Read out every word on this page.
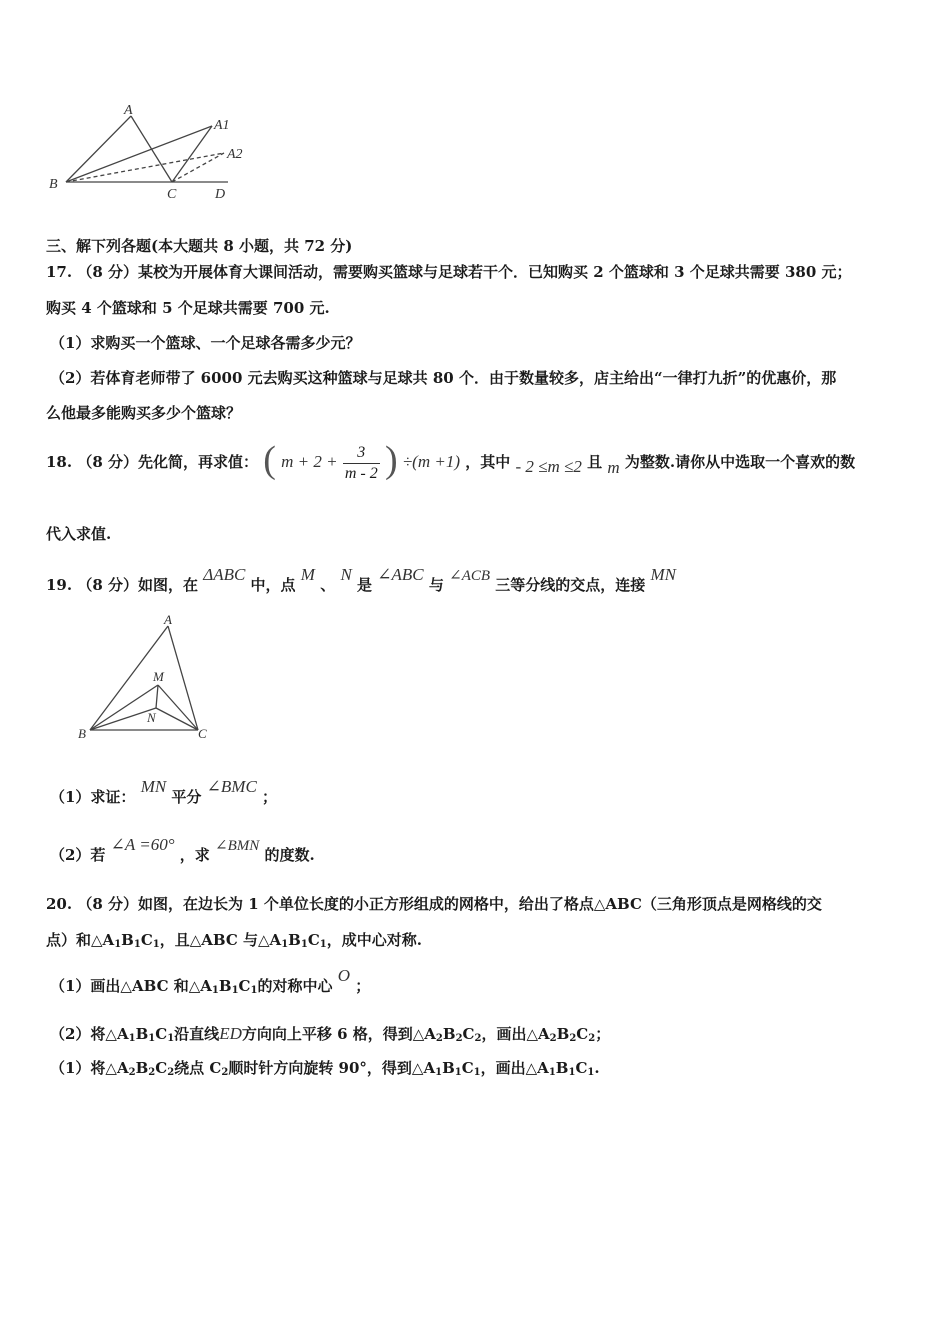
A
A1
A2
B
C	D
三、解下列各题(本大题共 8 小题，共 72 分)
17. （8 分）某校为开展体育大课间活动，需要购买篮球与足球若干个．已知购买 2 个篮球和 3 个足球共需要 380 元；
购买 4 个篮球和 5 个足球共需要 700 元.
（1）求购买一个篮球、一个足球各需多少元？
（2）若体育老师带了 6000 元去购买这种篮球与足球共 80 个．由于数量较多，店主给出“一律打九折”的优惠价，那
么他最多能购买多少个篮球？
18. （8 分）先化简，再求值： ( $m + 2 + \frac{3}{m - 2}$ ) ÷(m +1) ，其中 - 2 ≤m ≤2 且 m 为整数.请你从中选取一个喜欢的数
代入求值.
19. （8 分）如图，在 ΔABC 中，点 M 、 N 是 ∠ABC 与 ∠ACB 三等分线的交点，连接 MN
A
M
N
B	C
（1）求证： MN 平分 ∠BMC ；
（2）若 ∠A =60° ，求 ∠BMN 的度数.
20. （8 分）如图，在边长为 1 个单位长度的小正方形组成的网格中，给出了格点△ABC（三角形顶点是网格线的交
点）和$\triangle A_1B_1C_1$，且△ABC 与$\triangle A_1B_1C_1$，成中心对称.
（1）画出△ABC 和$\triangle A_1B_1C_1$的对称中心 O ；
（2）将$\triangle A_1B_1C_1$沿直线ED方向向上平移 6 格，得到$\triangle A_2B_2C_2$，画出$\triangle A_2B_2C_2$；
（1）将$\triangle A_2B_2C_2$绕点 $C_2$顺时针方向旋转 90°，得到$\triangle A_1B_1C_1$，画出$\triangle A_1B_1C_1$.
